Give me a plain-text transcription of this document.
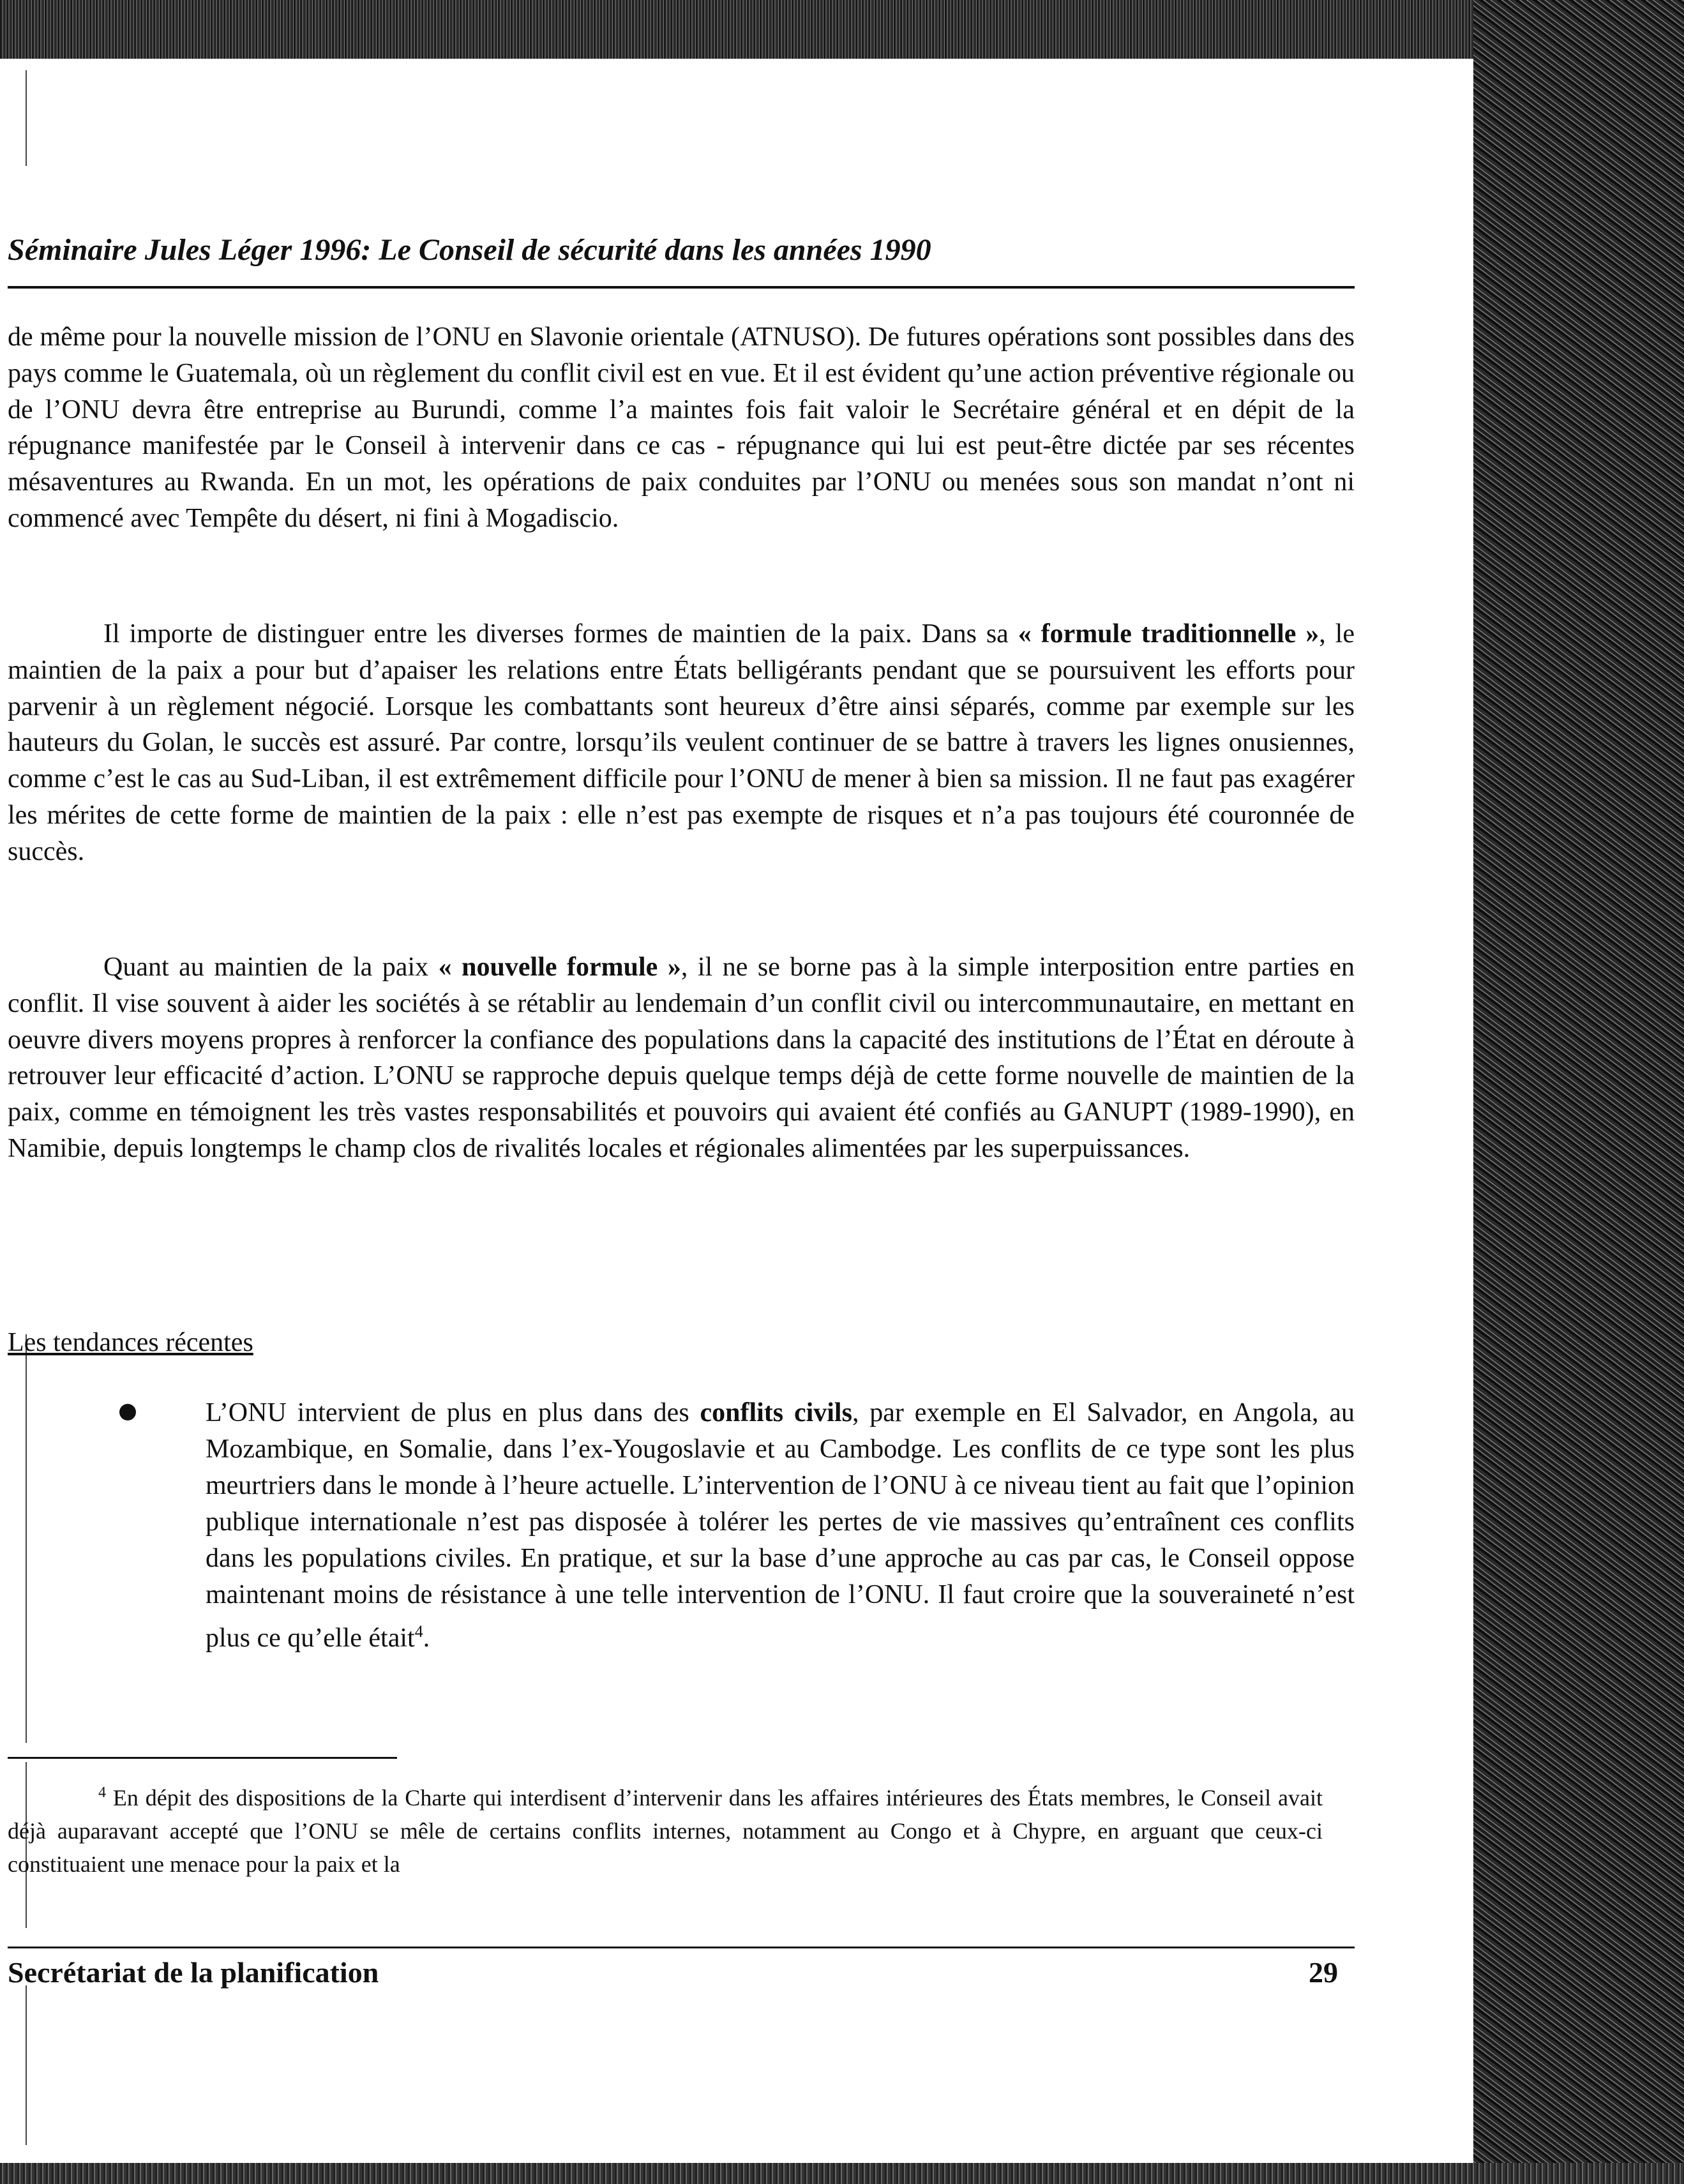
Séminaire Jules Léger 1996: Le Conseil de sécurité dans les années 1990

de même pour la nouvelle mission de l’ONU en Slavonie orientale (ATNUSO). De futures opérations sont possibles dans des pays comme le Guatemala, où un règlement du conflit civil est en vue. Et il est évident qu’une action préventive régionale ou de l’ONU devra être entreprise au Burundi, comme l’a maintes fois fait valoir le Secrétaire général et en dépit de la répugnance manifestée par le Conseil à intervenir dans ce cas - répugnance qui lui est peut-être dictée par ses récentes mésaventures au Rwanda. En un mot, les opérations de paix conduites par l’ONU ou menées sous son mandat n’ont ni commencé avec Tempête du désert, ni fini à Mogadiscio.

Il importe de distinguer entre les diverses formes de maintien de la paix. Dans sa « formule traditionnelle », le maintien de la paix a pour but d’apaiser les relations entre États belligérants pendant que se poursuivent les efforts pour parvenir à un règlement négocié. Lorsque les combattants sont heureux d’être ainsi séparés, comme par exemple sur les hauteurs du Golan, le succès est assuré. Par contre, lorsqu’ils veulent continuer de se battre à travers les lignes onusiennes, comme c’est le cas au Sud-Liban, il est extrêmement difficile pour l’ONU de mener à bien sa mission. Il ne faut pas exagérer les mérites de cette forme de maintien de la paix : elle n’est pas exempte de risques et n’a pas toujours été couronnée de succès.

Quant au maintien de la paix « nouvelle formule », il ne se borne pas à la simple interposition entre parties en conflit. Il vise souvent à aider les sociétés à se rétablir au lendemain d’un conflit civil ou intercommunautaire, en mettant en oeuvre divers moyens propres à renforcer la confiance des populations dans la capacité des institutions de l’État en déroute à retrouver leur efficacité d’action. L’ONU se rapproche depuis quelque temps déjà de cette forme nouvelle de maintien de la paix, comme en témoignent les très vastes responsabilités et pouvoirs qui avaient été confiés au GANUPT (1989-1990), en Namibie, depuis longtemps le champ clos de rivalités locales et régionales alimentées par les superpuissances.

Les tendances récentes

L’ONU intervient de plus en plus dans des conflits civils, par exemple en El Salvador, en Angola, au Mozambique, en Somalie, dans l’ex-Yougoslavie et au Cambodge. Les conflits de ce type sont les plus meurtriers dans le monde à l’heure actuelle. L’intervention de l’ONU à ce niveau tient au fait que l’opinion publique internationale n’est pas disposée à tolérer les pertes de vie massives qu’entraînent ces conflits dans les populations civiles. En pratique, et sur la base d’une approche au cas par cas, le Conseil oppose maintenant moins de résistance à une telle intervention de l’ONU. Il faut croire que la souveraineté n’est plus ce qu’elle était$^4$.

$^4$ En dépit des dispositions de la Charte qui interdisent d’intervenir dans les affaires intérieures des États membres, le Conseil avait déjà auparavant accepté que l’ONU se mêle de certains conflits internes, notamment au Congo et à Chypre, en arguant que ceux-ci constituaient une menace pour la paix et la

Secrétariat de la planification	29
